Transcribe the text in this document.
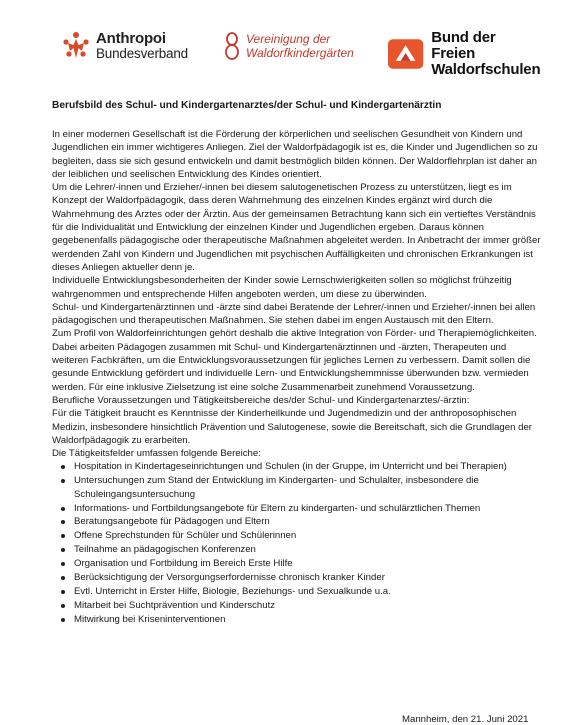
Anthropoi
Bundesverband
Vereinigung der
Waldorfkindergärten
Bund der Freien
Waldorfschulen
Berufsbild des Schul- und Kindergartenarztes/der Schul- und Kindergartenärztin

In einer modernen Gesellschaft ist die Förderung der körperlichen und seelischen Gesundheit von Kindern und Jugendlichen ein immer wichtigeres Anliegen. Ziel der Waldorfpädagogik ist es, die Kinder und Jugendlichen so zu begleiten, dass sie sich gesund entwickeln und damit bestmöglich bilden können. Der Waldorflehrplan ist daher an der leiblichen und seelischen Entwicklung des Kindes orientiert.

Um die Lehrer/-innen und Erzieher/-innen bei diesem salutogenetischen Prozess zu unterstützen, liegt es im Konzept der Waldorfpädagogik, dass deren Wahrnehmung des einzelnen Kindes ergänzt wird durch die Wahrnehmung des Arztes oder der Ärztin. Aus der gemeinsamen Betrachtung kann sich ein vertieftes Verständnis für die Individualität und Entwicklung der einzelnen Kinder und Jugendlichen ergeben. Daraus können gegebenenfalls pädagogische oder therapeutische Maßnahmen abgeleitet werden. In Anbetracht der immer größer werdenden Zahl von Kindern und Jugendlichen mit psychischen Auffälligkeiten und chronischen Erkrankungen ist dieses Anliegen aktueller denn je.

Individuelle Entwicklungsbesonderheiten der Kinder sowie Lernschwierigkeiten sollen so möglichst frühzeitig wahrgenommen und entsprechende Hilfen angeboten werden, um diese zu überwinden.

Schul- und Kindergartenärztinnen und -ärzte sind dabei Beratende der Lehrer/-innen und Erzieher/-innen bei allen pädagogischen und therapeutischen Maßnahmen. Sie stehen dabei im engen Austausch mit den Eltern.

Zum Profil von Waldorfeinrichtungen gehört deshalb die aktive Integration von Förder- und Therapiemöglichkeiten. Dabei arbeiten Pädagogen zusammen mit Schul- und Kindergartenärztinnen und -ärzten, Therapeuten und weiteren Fachkräften, um die Entwicklungsvoraussetzungen für jegliches Lernen zu verbessern. Damit sollen die gesunde Entwicklung gefördert und individuelle Lern- und Entwicklungshemmnisse überwunden bzw. vermieden werden. Für eine inklusive Zielsetzung ist eine solche Zusammenarbeit zunehmend Voraussetzung.

Berufliche Voraussetzungen und Tätigkeitsbereiche des/der Schul- und Kindergartenarztes/-ärztin:

Für die Tätigkeit braucht es Kenntnisse der Kinderheilkunde und Jugendmedizin und der anthroposophischen Medizin, insbesondere hinsichtlich Prävention und Salutogenese, sowie die Bereitschaft, sich die Grundlagen der Waldorfpädagogik zu erarbeiten.

Die Tätigkeitsfelder umfassen folgende Bereiche:

Hospitation in Kindertageseinrichtungen und Schulen (in der Gruppe, im Unterricht und bei Therapien)
Untersuchungen zum Stand der Entwicklung im Kindergarten- und Schulalter, insbesondere die Schuleingangsuntersuchung
Informations- und Fortbildungsangebote für Eltern zu kindergarten- und schulärztlichen Themen
Beratungsangebote für Pädagogen und Eltern
Offene Sprechstunden für Schüler und Schülerinnen
Teilnahme an pädagogischen Konferenzen
Organisation und Fortbildung im Bereich Erste Hilfe
Berücksichtigung der Versorgungserfordernisse chronisch kranker Kinder
Evtl. Unterricht in Erster Hilfe, Biologie, Beziehungs- und Sexualkunde u.a.
Mitarbeit bei Suchtprävention und Kinderschutz
Mitwirkung bei Kriseninterventionen
Mannheim, den 21. Juni 2021
